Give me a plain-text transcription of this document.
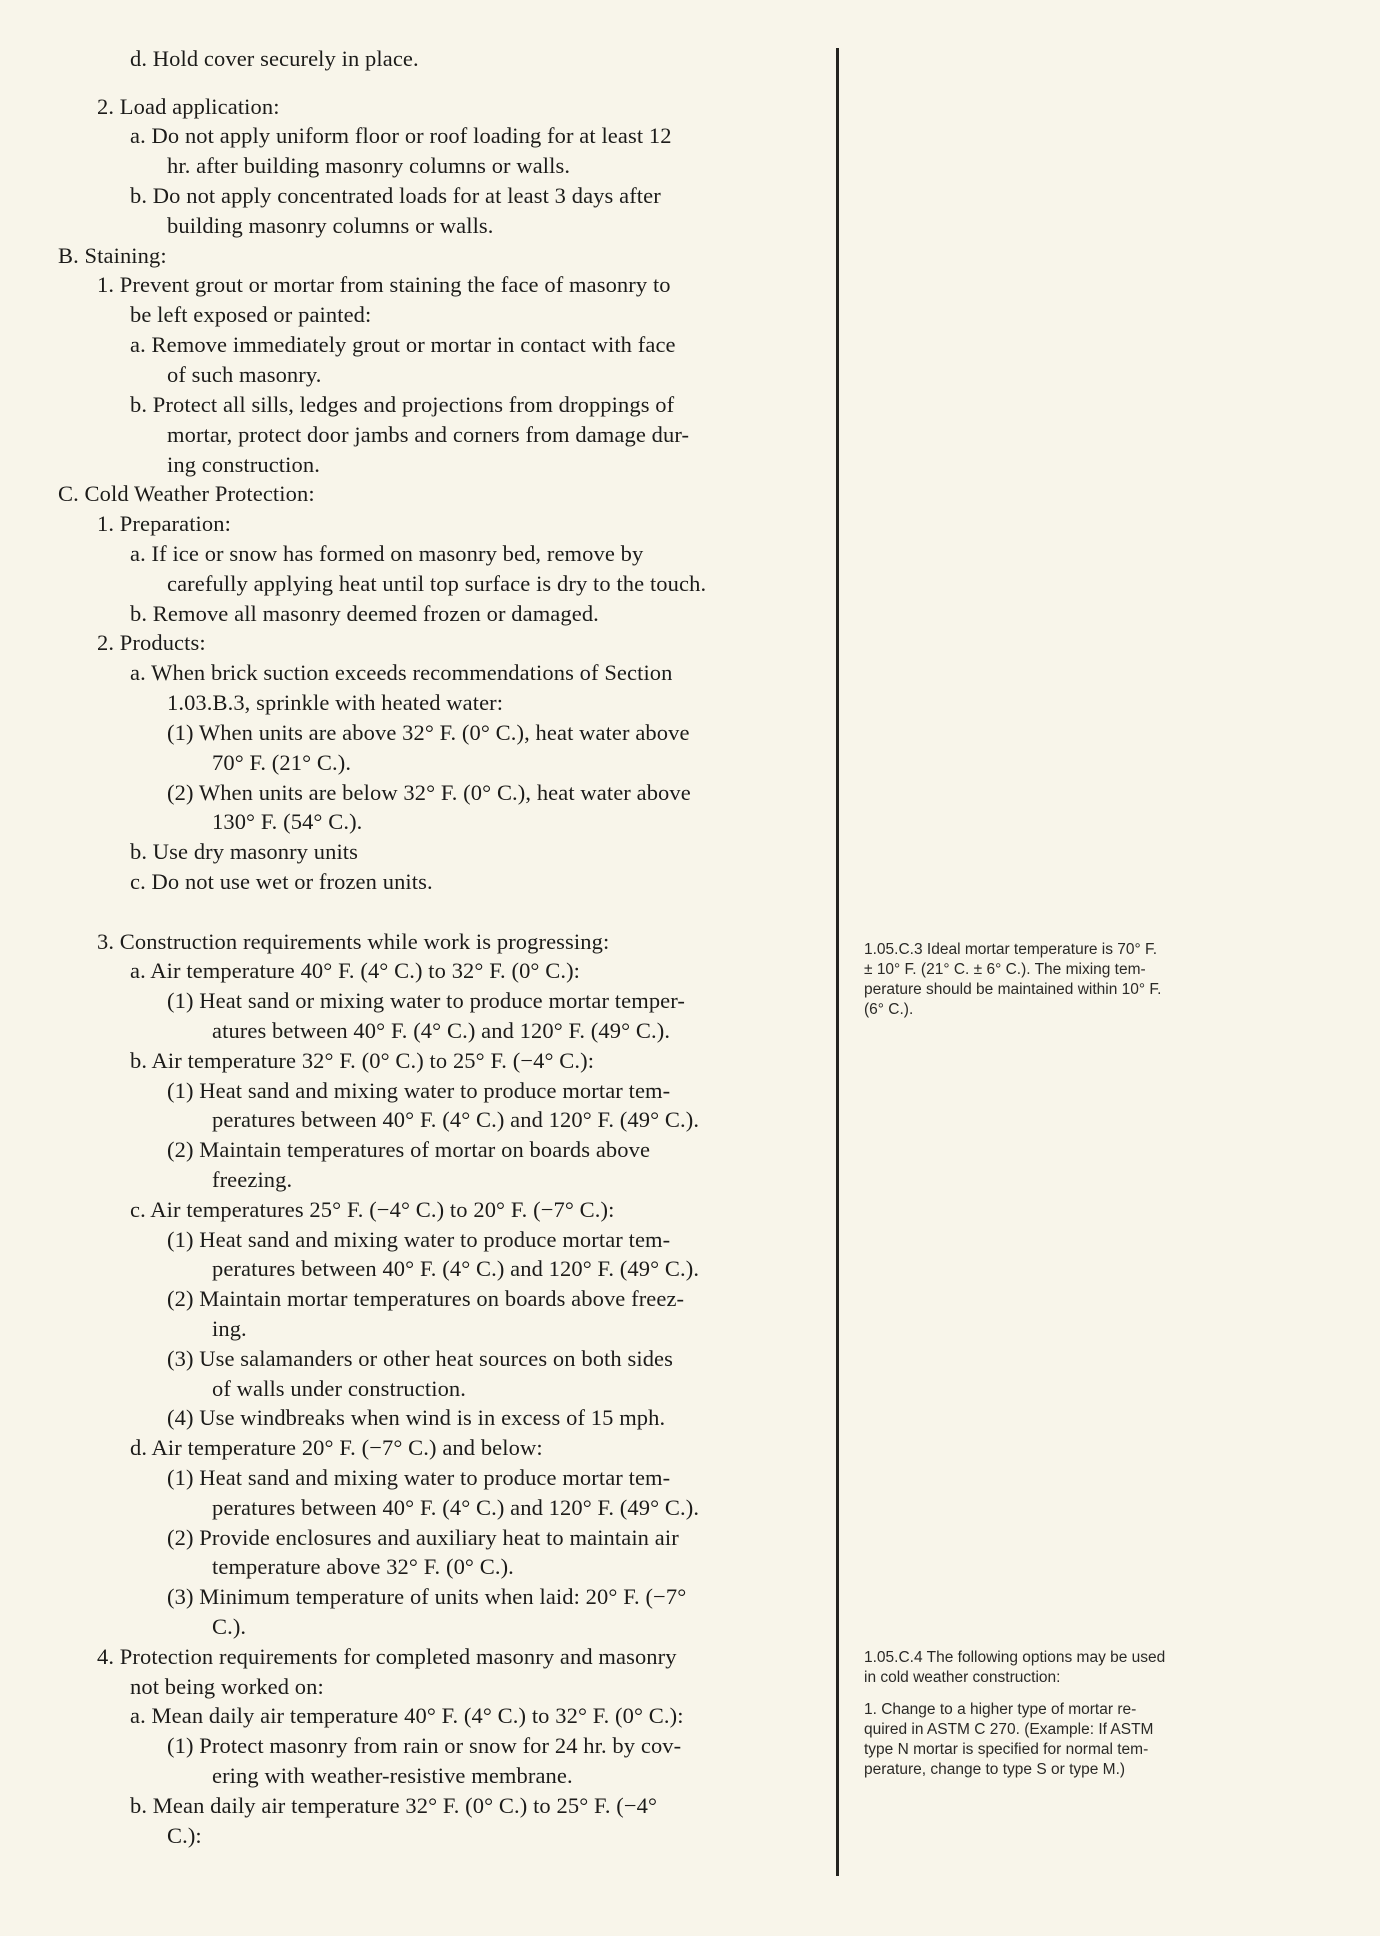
d. Hold cover securely in place.
2. Load application:
a. Do not apply uniform floor or roof loading for at least 12
hr. after building masonry columns or walls.
b. Do not apply concentrated loads for at least 3 days after
building masonry columns or walls.
B. Staining:
1. Prevent grout or mortar from staining the face of masonry to
be left exposed or painted:
a. Remove immediately grout or mortar in contact with face
of such masonry.
b. Protect all sills, ledges and projections from droppings of
mortar, protect door jambs and corners from damage dur-
ing construction.
C. Cold Weather Protection:
1. Preparation:
a. If ice or snow has formed on masonry bed, remove by
carefully applying heat until top surface is dry to the touch.
b. Remove all masonry deemed frozen or damaged.
2. Products:
a. When brick suction exceeds recommendations of Section
1.03.B.3, sprinkle with heated water:
(1) When units are above 32° F. (0° C.), heat water above
70° F. (21° C.).
(2) When units are below 32° F. (0° C.), heat water above
130° F. (54° C.).
b. Use dry masonry units
c. Do not use wet or frozen units.
3. Construction requirements while work is progressing:
a. Air temperature 40° F. (4° C.) to 32° F. (0° C.):
(1) Heat sand or mixing water to produce mortar temper-
atures between 40° F. (4° C.) and 120° F. (49° C.).
b. Air temperature 32° F. (0° C.) to 25° F. (−4° C.):
(1) Heat sand and mixing water to produce mortar tem-
peratures between 40° F. (4° C.) and 120° F. (49° C.).
(2) Maintain temperatures of mortar on boards above
freezing.
c. Air temperatures 25° F. (−4° C.) to 20° F. (−7° C.):
(1) Heat sand and mixing water to produce mortar tem-
peratures between 40° F. (4° C.) and 120° F. (49° C.).
(2) Maintain mortar temperatures on boards above freez-
ing.
(3) Use salamanders or other heat sources on both sides
of walls under construction.
(4) Use windbreaks when wind is in excess of 15 mph.
d. Air temperature 20° F. (−7° C.) and below:
(1) Heat sand and mixing water to produce mortar tem-
peratures between 40° F. (4° C.) and 120° F. (49° C.).
(2) Provide enclosures and auxiliary heat to maintain air
temperature above 32° F. (0° C.).
(3) Minimum temperature of units when laid: 20° F. (−7°
C.).
4. Protection requirements for completed masonry and masonry
not being worked on:
a. Mean daily air temperature 40° F. (4° C.) to 32° F. (0° C.):
(1) Protect masonry from rain or snow for 24 hr. by cov-
ering with weather-resistive membrane.
b. Mean daily air temperature 32° F. (0° C.) to 25° F. (−4°
C.):
1.05.C.3 Ideal mortar temperature is 70° F.
± 10° F. (21° C. ± 6° C.). The mixing tem-
perature should be maintained within 10° F.
(6° C.).
1.05.C.4 The following options may be used
in cold weather construction:
1. Change to a higher type of mortar re-
quired in ASTM C 270. (Example: If ASTM
type N mortar is specified for normal tem-
perature, change to type S or type M.)
